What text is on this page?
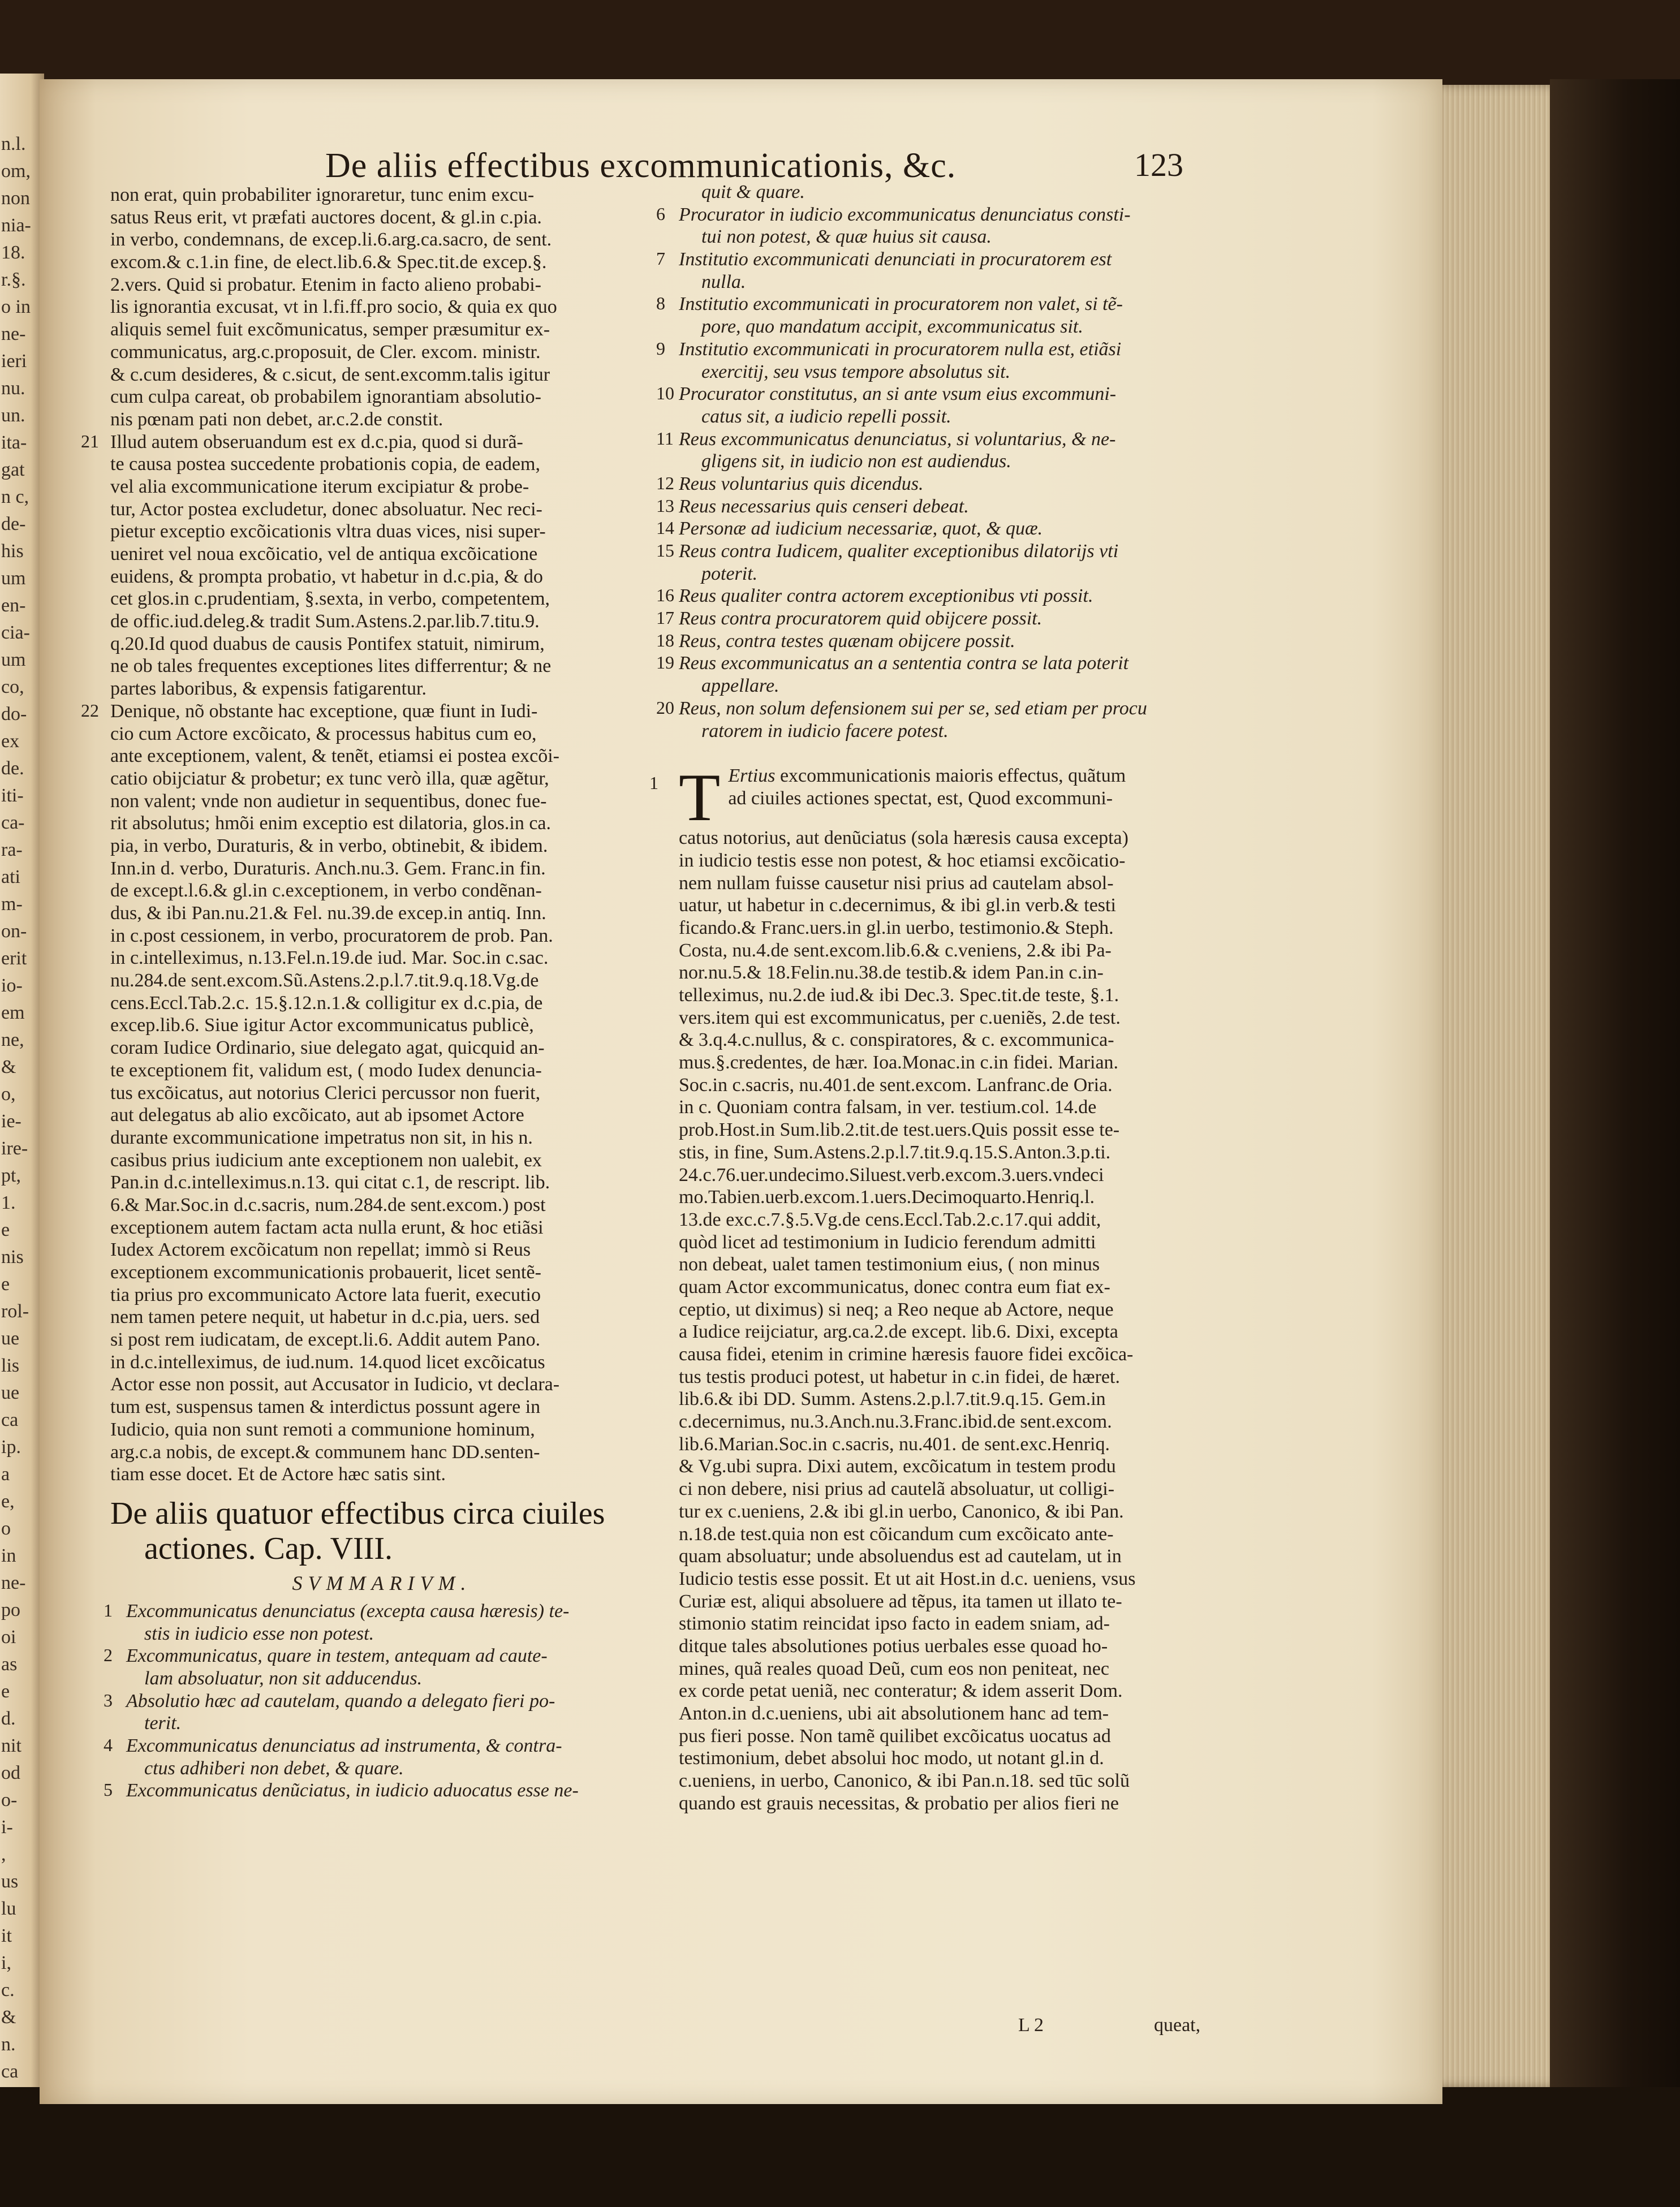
n.l.
om,
non
nia-
18.
r.§.
o in
ne-
ieri
nu.
un.
ita-
gat
n c,
de-
his
um
en-
cia-
um
co,
do-
ex
de.
iti-
ca-
ra-
ati
m-
on-
erit
io-
em
ne,
&
o,
ie-
ire-
pt,
1.
e
nis
e
rol-
ue
lis
ue
ca
ip.
a
e,
o
in
ne-
po
oi
as
e
d.
nit
od
o-
i-
,
us
lu
it
i,
c.
&
n.
ca
De aliis effectibus excommunicationis, &c.	123
non erat, quin probabiliter ignoraretur, tunc enim excu-
satus Reus erit, vt præfati auctores docent, & gl.in c.pia.
in verbo, condemnans, de excep.li.6.arg.ca.sacro, de sent.
excom.& c.1.in fine, de elect.lib.6.& Spec.tit.de excep.§.
2.vers. Quid si probatur. Etenim in facto alieno probabi-
lis ignorantia excusat, vt in l.fi.ff.pro socio, & quia ex quo
aliquis semel fuit excõmunicatus, semper præsumitur ex-
communicatus, arg.c.proposuit, de Cler. excom. ministr.
& c.cum desideres, & c.sicut, de sent.excomm.talis igitur
cum culpa careat, ob probabilem ignorantiam absolutio-
nis pœnam pati non debet, ar.c.2.de constit.
21 Illud autem obseruandum est ex d.c.pia, quod si durã-
te causa postea succedente probationis copia, de eadem,
vel alia excommunicatione iterum excipiatur & probe-
tur, Actor postea excludetur, donec absoluatur. Nec reci-
pietur exceptio excõicationis vltra duas vices, nisi super-
ueniret vel noua excõicatio, vel de antiqua excõicatione
euidens, & prompta probatio, vt habetur in d.c.pia, & do
cet glos.in c.prudentiam, §.sexta, in verbo, competentem,
de offic.iud.deleg.& tradit Sum.Astens.2.par.lib.7.titu.9.
q.20.Id quod duabus de causis Pontifex statuit, nimirum,
ne ob tales frequentes exceptiones lites differrentur; & ne
partes laboribus, & expensis fatigarentur.
22 Denique, nõ obstante hac exceptione, quæ fiunt in Iudi-
cio cum Actore excõicato, & processus habitus cum eo,
ante exceptionem, valent, & tenẽt, etiamsi ei postea excõi-
catio obijciatur & probetur; ex tunc verò illa, quæ agẽtur,
non valent; vnde non audietur in sequentibus, donec fue-
rit absolutus; hmõi enim exceptio est dilatoria, glos.in ca.
pia, in verbo, Duraturis, & in verbo, obtinebit, & ibidem.
Inn.in d. verbo, Duraturis. Anch.nu.3. Gem. Franc.in fin.
de except.l.6.& gl.in c.exceptionem, in verbo condẽnan-
dus, & ibi Pan.nu.21.& Fel. nu.39.de excep.in antiq. Inn.
in c.post cessionem, in verbo, procuratorem de prob. Pan.
in c.intelleximus, n.13.Fel.n.19.de iud. Mar. Soc.in c.sac.
nu.284.de sent.excom.Sũ.Astens.2.p.l.7.tit.9.q.18.Vg.de
cens.Eccl.Tab.2.c. 15.§.12.n.1.& colligitur ex d.c.pia, de
excep.lib.6. Siue igitur Actor excommunicatus publicè,
coram Iudice Ordinario, siue delegato agat, quicquid an-
te exceptionem fit, validum est, ( modo Iudex denuncia-
tus excõicatus, aut notorius Clerici percussor non fuerit,
aut delegatus ab alio excõicato, aut ab ipsomet Actore
durante excommunicatione impetratus non sit, in his n.
casibus prius iudicium ante exceptionem non ualebit, ex
Pan.in d.c.intelleximus.n.13. qui citat c.1, de rescript. lib.
6.& Mar.Soc.in d.c.sacris, num.284.de sent.excom.) post
exceptionem autem factam acta nulla erunt, & hoc etiãsi
Iudex Actorem excõicatum non repellat; immò si Reus
exceptionem excommunicationis probauerit, licet sentẽ-
tia prius pro excommunicato Actore lata fuerit, executio
nem tamen petere nequit, ut habetur in d.c.pia, uers. sed
si post rem iudicatam, de except.li.6. Addit autem Pano.
in d.c.intelleximus, de iud.num. 14.quod licet excõicatus
Actor esse non possit, aut Accusator in Iudicio, vt declara-
tum est, suspensus tamen & interdictus possunt agere in
Iudicio, quia non sunt remoti a communione hominum,
arg.c.a nobis, de except.& communem hanc DD.senten-
tiam esse docet. Et de Actore hæc satis sint.
De aliis quatuor effectibus circa ciuiles
actiones. Cap. VIII.
SVMMARIVM.
1 Excommunicatus denunciatus (excepta causa hæresis) te-
stis in iudicio esse non potest.
2 Excommunicatus, quare in testem, antequam ad caute-
lam absoluatur, non sit adducendus.
3 Absolutio hæc ad cautelam, quando a delegato fieri po-
terit.
4 Excommunicatus denunciatus ad instrumenta, & contra-
ctus adhiberi non debet, & quare.
5 Excommunicatus denũciatus, in iudicio aduocatus esse ne-
quit & quare.
6 Procurator in iudicio excommunicatus denunciatus consti-
tui non potest, & quæ huius sit causa.
7 Institutio excommunicati denunciati in procuratorem est
nulla.
8 Institutio excommunicati in procuratorem non valet, si tẽ-
pore, quo mandatum accipit, excommunicatus sit.
9 Institutio excommunicati in procuratorem nulla est, etiãsi
exercitij, seu vsus tempore absolutus sit.
10 Procurator constitutus, an si ante vsum eius excommuni-
catus sit, a iudicio repelli possit.
11 Reus excommunicatus denunciatus, si voluntarius, & ne-
gligens sit, in iudicio non est audiendus.
12 Reus voluntarius quis dicendus.
13 Reus necessarius quis censeri debeat.
14 Personæ ad iudicium necessariæ, quot, & quæ.
15 Reus contra Iudicem, qualiter exceptionibus dilatorijs vti
poterit.
16 Reus qualiter contra actorem exceptionibus vti possit.
17 Reus contra procuratorem quid obijcere possit.
18 Reus, contra testes quænam obijcere possit.
19 Reus excommunicatus an a sententia contra se lata poterit
appellare.
20 Reus, non solum defensionem sui per se, sed etiam per procu
ratorem in iudicio facere potest.
1 T Ertius excommunicationis maioris effectus, quãtum
ad ciuiles actiones spectat, est, Quod excommuni-
catus notorius, aut denũciatus (sola hæresis causa excepta)
in iudicio testis esse non potest, & hoc etiamsi excõicatio-
nem nullam fuisse causetur nisi prius ad cautelam absol-
uatur, ut habetur in c.decernimus, & ibi gl.in verb.& testi
ficando.& Franc.uers.in gl.in uerbo, testimonio.& Steph.
Costa, nu.4.de sent.excom.lib.6.& c.veniens, 2.& ibi Pa-
nor.nu.5.& 18.Felin.nu.38.de testib.& idem Pan.in c.in-
telleximus, nu.2.de iud.& ibi Dec.3. Spec.tit.de teste, §.1.
vers.item qui est excommunicatus, per c.ueniẽs, 2.de test.
& 3.q.4.c.nullus, & c. conspiratores, & c. excommunica-
mus.§.credentes, de hær. Ioa.Monac.in c.in fidei. Marian.
Soc.in c.sacris, nu.401.de sent.excom. Lanfranc.de Oria.
in c. Quoniam contra falsam, in ver. testium.col. 14.de
prob.Host.in Sum.lib.2.tit.de test.uers.Quis possit esse te-
stis, in fine, Sum.Astens.2.p.l.7.tit.9.q.15.S.Anton.3.p.ti.
24.c.76.uer.undecimo.Siluest.verb.excom.3.uers.vndeci
mo.Tabien.uerb.excom.1.uers.Decimoquarto.Henriq.l.
13.de exc.c.7.§.5.Vg.de cens.Eccl.Tab.2.c.17.qui addit,
quòd licet ad testimonium in Iudicio ferendum admitti
non debeat, ualet tamen testimonium eius, ( non minus
quam Actor excommunicatus, donec contra eum fiat ex-
ceptio, ut diximus) si neq; a Reo neque ab Actore, neque
a Iudice reijciatur, arg.ca.2.de except. lib.6. Dixi, excepta
causa fidei, etenim in crimine hæresis fauore fidei excõica-
tus testis produci potest, ut habetur in c.in fidei, de hæret.
lib.6.& ibi DD. Summ. Astens.2.p.l.7.tit.9.q.15. Gem.in
c.decernimus, nu.3.Anch.nu.3.Franc.ibid.de sent.excom.
lib.6.Marian.Soc.in c.sacris, nu.401. de sent.exc.Henriq.
& Vg.ubi supra. Dixi autem, excõicatum in testem produ
ci non debere, nisi prius ad cautelã absoluatur, ut colligi-
tur ex c.ueniens, 2.& ibi gl.in uerbo, Canonico, & ibi Pan.
n.18.de test.quia non est cõicandum cum excõicato ante-
quam absoluatur; unde absoluendus est ad cautelam, ut in
Iudicio testis esse possit. Et ut ait Host.in d.c. ueniens, vsus
Curiæ est, aliqui absoluere ad tẽpus, ita tamen ut illato te-
stimonio statim reincidat ipso facto in eadem sniam, ad-
ditque tales absolutiones potius uerbales esse quoad ho-
mines, quã reales quoad Deũ, cum eos non peniteat, nec
ex corde petat ueniã, nec conteratur; & idem asserit Dom.
Anton.in d.c.ueniens, ubi ait absolutionem hanc ad tem-
pus fieri posse. Non tamẽ quilibet excõicatus uocatus ad
testimonium, debet absolui hoc modo, ut notant gl.in d.
c.ueniens, in uerbo, Canonico, & ibi Pan.n.18. sed tūc solũ
quando est grauis necessitas, & probatio per alios fieri ne
L 2	queat,
